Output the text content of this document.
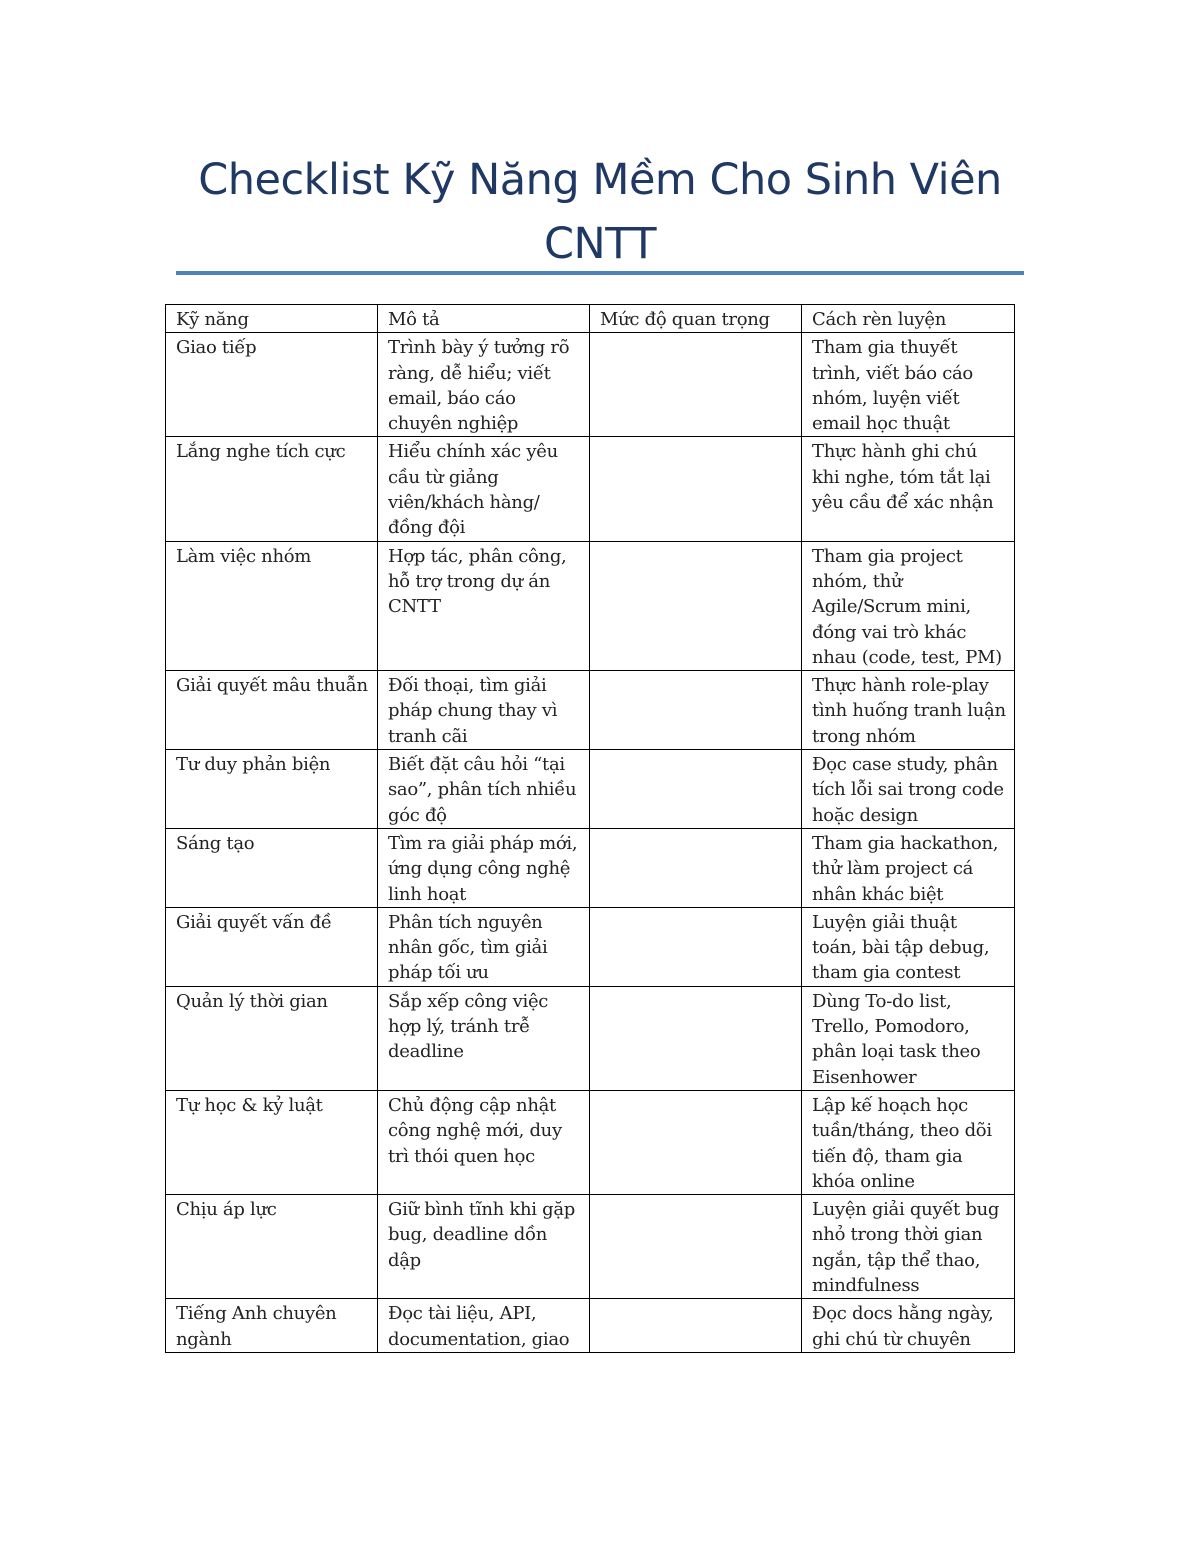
Checklist Kỹ Năng Mềm Cho Sinh Viên CNTT
Kỹ năng	Mô tả	Mức độ quan trọng	Cách rèn luyện
Giao tiếp	Trình bày ý tưởng rõ ràng, dễ hiểu; viết email, báo cáo chuyên nghiệp		Tham gia thuyết trình, viết báo cáo nhóm, luyện viết email học thuật
Lắng nghe tích cực	Hiểu chính xác yêu cầu từ giảng viên/khách hàng/đồng đội		Thực hành ghi chú khi nghe, tóm tắt lại yêu cầu để xác nhận
Làm việc nhóm	Hợp tác, phân công, hỗ trợ trong dự án CNTT		Tham gia project nhóm, thử Agile/Scrum mini, đóng vai trò khác nhau (code, test, PM)
Giải quyết mâu thuẫn	Đối thoại, tìm giải pháp chung thay vì tranh cãi		Thực hành role-play tình huống tranh luận trong nhóm
Tư duy phản biện	Biết đặt câu hỏi “tại sao”, phân tích nhiều góc độ		Đọc case study, phân tích lỗi sai trong code hoặc design
Sáng tạo	Tìm ra giải pháp mới, ứng dụng công nghệ linh hoạt		Tham gia hackathon, thử làm project cá nhân khác biệt
Giải quyết vấn đề	Phân tích nguyên nhân gốc, tìm giải pháp tối ưu		Luyện giải thuật toán, bài tập debug, tham gia contest
Quản lý thời gian	Sắp xếp công việc hợp lý, tránh trễ deadline		Dùng To-do list, Trello, Pomodoro, phân loại task theo Eisenhower
Tự học & kỷ luật	Chủ động cập nhật công nghệ mới, duy trì thói quen học		Lập kế hoạch học tuần/tháng, theo dõi tiến độ, tham gia khóa online
Chịu áp lực	Giữ bình tĩnh khi gặp bug, deadline dồn dập		Luyện giải quyết bug nhỏ trong thời gian ngắn, tập thể thao, mindfulness
Tiếng Anh chuyên ngành	Đọc tài liệu, API, documentation, giao		Đọc docs hằng ngày, ghi chú từ chuyên
